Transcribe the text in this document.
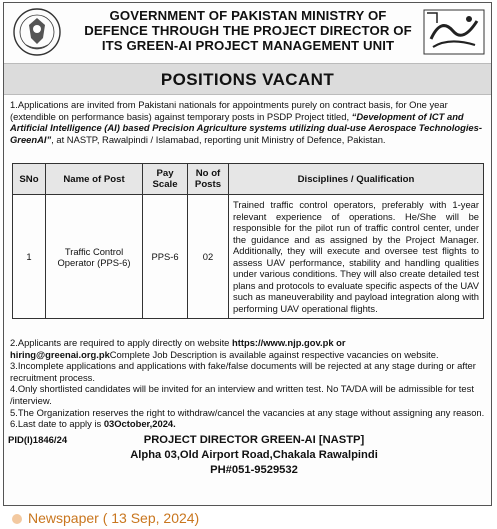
GOVERNMENT OF PAKISTAN MINISTRY OF
DEFENCE THROUGH THE PROJECT DIRECTOR OF
ITS GREEN-AI PROJECT MANAGEMENT UNIT
POSITIONS VACANT
1.Applications are invited from Pakistani nationals for appointments purely on contract basis, for One year (extendible on performance basis) against temporary posts in PSDP Project titled, “Development of ICT and Artificial Intelligence (AI) based Precision Agriculture systems utilizing dual-use Aerospace Technologies-GreenAI”, at NASTP, Rawalpindi / Islamabad, reporting unit Ministry of Defence, Pakistan.
SNo	Name of Post	Pay Scale	No of Posts	Disciplines / Qualification
1	Traffic Control Operator (PPS-6)	PPS-6	02	Trained traffic control operators, preferably with 1-year relevant experience of operations. He/She will be responsible for the pilot run of traffic control center, under the guidance and as assigned by the Project Manager. Additionally, they will execute and oversee test flights to assess UAV performance, stability and handling qualities under various conditions. They will also create detailed test plans and protocols to evaluate specific aspects of the UAV such as maneuverability and payload integration along with performing UAV operational flights.

2.Applicants are required to apply directly on website https://www.njp.gov.pk or hiring@greenai.org.pkComplete Job Description is available against respective vacancies on website.

3.Incomplete applications and applications with fake/false documents will be rejected at any stage during or after recruitment process.

4.Only shortlisted candidates will be invited for an interview and written test. No TA/DA will be admissible for test /interview.

5.The Organization reserves the right to withdraw/cancel the vacancies at any stage without assigning any reason.

6.Last date to apply is 03October,2024.

PID(I)1846/24	PROJECT DIRECTOR GREEN-AI [NASTP]
Alpha 03,Old Airport Road,Chakala Rawalpindi
PH#051-9529532
Newspaper ( 13 Sep, 2024)
